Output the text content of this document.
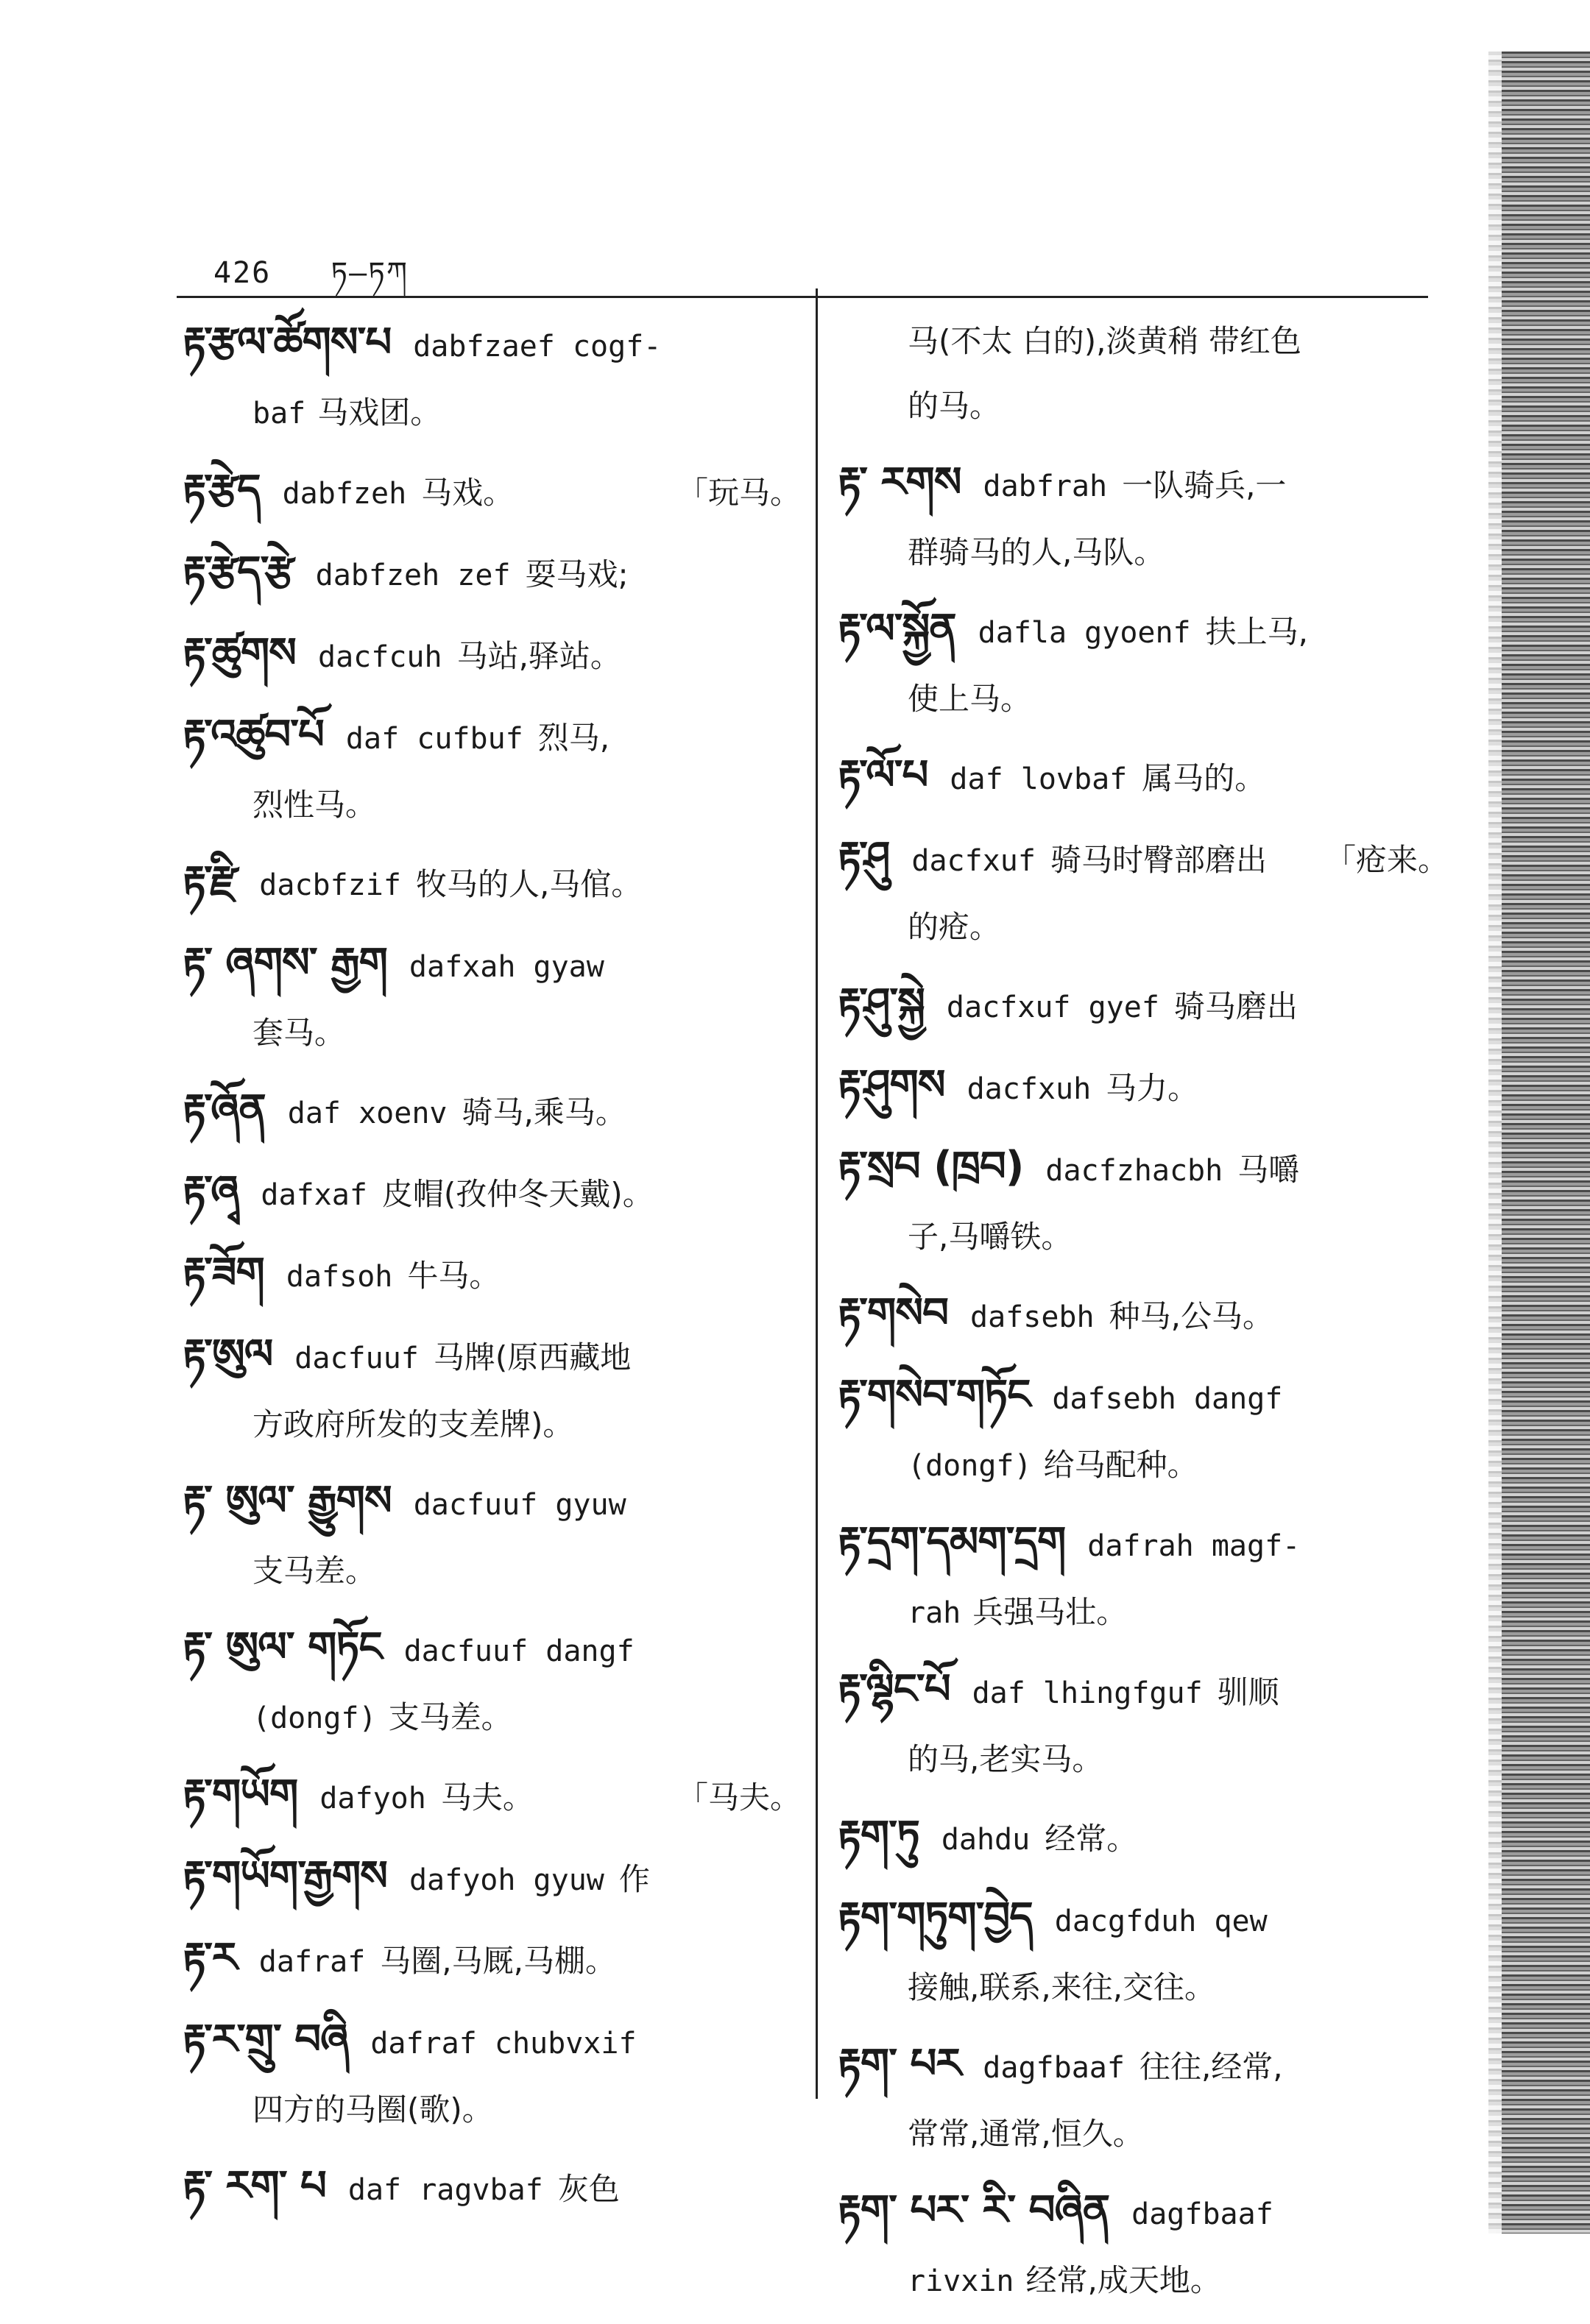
426 ཏ–ཏཀ
རྟ་རྩལ་ཚོགས་པ dabfzaef cogf-
baf 马戏团。
རྟ་རྩེད dabfzeh 马戏。	「玩马。
རྟ་རྩེད་རྩེ dabfzeh zef 耍马戏;
རྟ་ཚུགས dacfcuh 马站,驿站。
རྟ་འཚུབ་པོ daf cufbuf 烈马,
烈性马。
རྟ་རྫི dacbfzif 牧马的人,马倌。
རྟ་ ཞགས་ རྒྱག dafxah gyaw
套马。
རྟ་ཞོན daf xoenv 骑马,乘马。
རྟ་ཞྭ dafxaf 皮帽(孜仲冬天戴)。
རྟ་ཟོག dafsoh 牛马。
རྟ་ཨུལ dacfuuf 马牌(原西藏地
方政府所发的支差牌)。
རྟ་ ཨུལ་ རྒྱུགས dacfuuf gyuw
支马差。
རྟ་ ཨུལ་ གཏོང dacfuuf dangf
(dongf) 支马差。
རྟ་གཡོག dafyoh 马夫。	「马夫。
རྟ་གཡོག་རྒྱགས dafyoh gyuw 作
རྟ་ར dafraf 马圈,马厩,马棚。
རྟ་ར་གྲུ་ བཞི dafraf chubvxif
四方的马圈(歌)。
རྟ་ རག་ པ daf ragvbaf 灰色
马(不太 白的),淡黄稍 带红色
的马。
རྟ་ རགས dabfrah 一队骑兵,一
群骑马的人,马队。
རྟ་ལ་སྐྱོན dafla gyoenf 扶上马,
使上马。
རྟ་ལོ་པ daf lovbaf 属马的。
རྟ་ཤུ dacfxuf 骑马时臀部磨出 「疮来。
的疮。
རྟ་ཤུ་སྐྱེ dacfxuf gyef 骑马磨出
རྟ་ཤུགས dacfxuh 马力。
རྟ་སྲབ (ཁྲབ) dacfzhacbh 马嚼
子,马嚼铁。
རྟ་གསེབ dafsebh 种马,公马。
རྟ་གསེབ་གཏོང dafsebh dangf
(dongf) 给马配种。
རྟ་དྲག་དམག་དྲག dafrah magf-
rah 兵强马壮。
རྟ་ལྷིང་པོ daf lhingfguf 驯顺
的马,老实马。
རྟག་ཏུ dahdu 经常。
རྟག་གཏུག་བྱེད dacgfduh qew
接触,联系,来往,交往。
རྟག་ པར dagfbaaf 往往,经常,
常常,通常,恒久。
རྟག་ པར་ རི་ བཞིན dagfbaaf
rivxin 经常,成天地。
